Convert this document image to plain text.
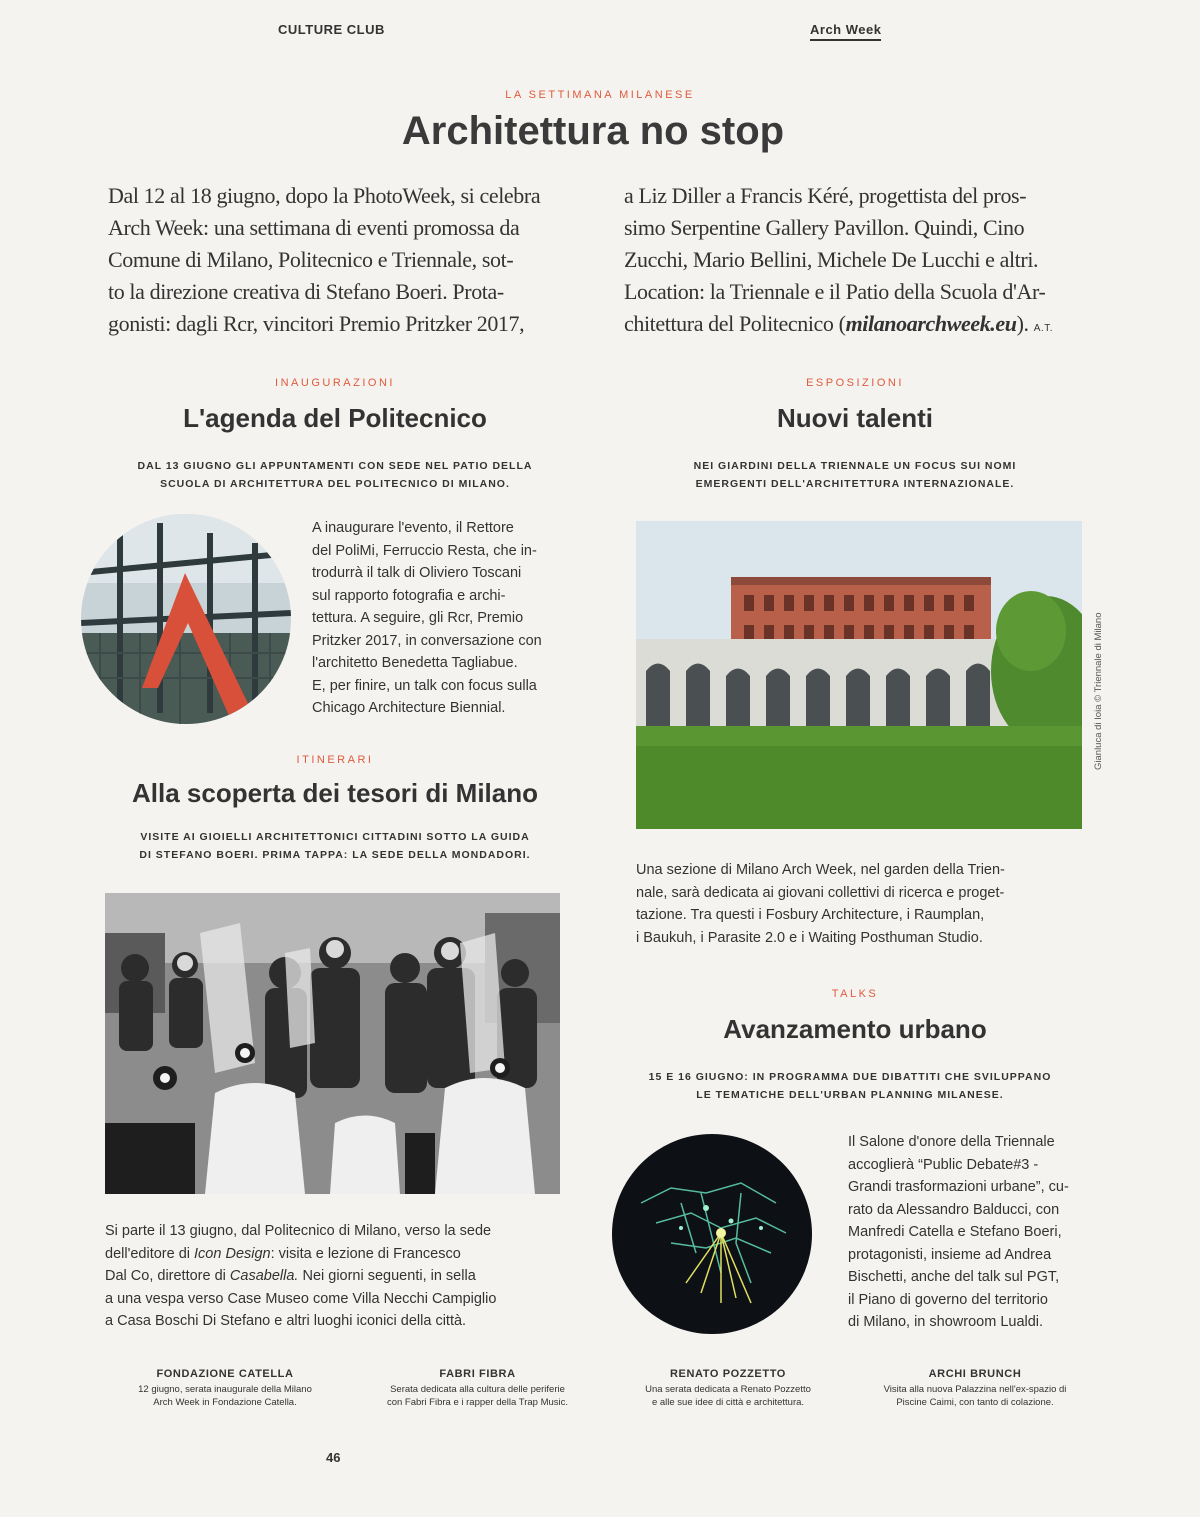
CULTURE CLUB	Arch Week
LA SETTIMANA MILANESE
Architettura no stop
Dal 12 al 18 giugno, dopo la PhotoWeek, si celebra
Arch Week: una settimana di eventi promossa da
Comune di Milano, Politecnico e Triennale, sot-
to la direzione creativa di Stefano Boeri. Prota-
gonisti: dagli Rcr, vincitori Premio Pritzker 2017,
a Liz Diller a Francis Kéré, progettista del pros-
simo Serpentine Gallery Pavillon. Quindi, Cino
Zucchi, Mario Bellini, Michele De Lucchi e altri.
Location: la Triennale e il Patio della Scuola d'Ar-
chitettura del Politecnico (milanoarchweek.eu). A.T.
INAUGURAZIONI
L'agenda del Politecnico
DAL 13 GIUGNO GLI APPUNTAMENTI CON SEDE NEL PATIO DELLA
SCUOLA DI ARCHITETTURA DEL POLITECNICO DI MILANO.
A inaugurare l'evento, il Rettore
del PoliMi, Ferruccio Resta, che in-
trodurrà il talk di Oliviero Toscani
sul rapporto fotografia e archi-
tettura. A seguire, gli Rcr, Premio
Pritzker 2017, in conversazione con
l'architetto Benedetta Tagliabue.
E, per finire, un talk con focus sulla
Chicago Architecture Biennial.
ITINERARI
Alla scoperta dei tesori di Milano
VISITE AI GIOIELLI ARCHITETTONICI CITTADINI SOTTO LA GUIDA
DI STEFANO BOERI. PRIMA TAPPA: LA SEDE DELLA MONDADORI.
Si parte il 13 giugno, dal Politecnico di Milano, verso la sede
dell'editore di Icon Design: visita e lezione di Francesco
Dal Co, direttore di Casabella. Nei giorni seguenti, in sella
a una vespa verso Case Museo come Villa Necchi Campiglio
a Casa Boschi Di Stefano e altri luoghi iconici della città.
ESPOSIZIONI
Nuovi talenti
NEI GIARDINI DELLA TRIENNALE UN FOCUS SUI NOMI
EMERGENTI DELL'ARCHITETTURA INTERNAZIONALE.
Gianluca di Ioia © Triennale di Milano
Una sezione di Milano Arch Week, nel garden della Trien-
nale, sarà dedicata ai giovani collettivi di ricerca e proget-
tazione. Tra questi i Fosbury Architecture, i Raumplan,
i Baukuh, i Parasite 2.0 e i Waiting Posthuman Studio.
TALKS
Avanzamento urbano
15 E 16 GIUGNO: IN PROGRAMMA DUE DIBATTITI CHE SVILUPPANO
LE TEMATICHE DELL'URBAN PLANNING MILANESE.
Il Salone d'onore della Triennale
accoglierà “Public Debate#3 -
Grandi trasformazioni urbane”, cu-
rato da Alessandro Balducci, con
Manfredi Catella e Stefano Boeri,
protagonisti, insieme ad Andrea
Bischetti, anche del talk sul PGT,
il Piano di governo del territorio
di Milano, in showroom Lualdi.
FONDAZIONE CATELLA
12 giugno, serata inaugurale della Milano
Arch Week in Fondazione Catella.
FABRI FIBRA
Serata dedicata alla cultura delle periferie
con Fabri Fibra e i rapper della Trap Music.
RENATO POZZETTO
Una serata dedicata a Renato Pozzetto
e alle sue idee di città e architettura.
ARCHI BRUNCH
Visita alla nuova Palazzina nell'ex-spazio di
Piscine Caimi, con tanto di colazione.
46
